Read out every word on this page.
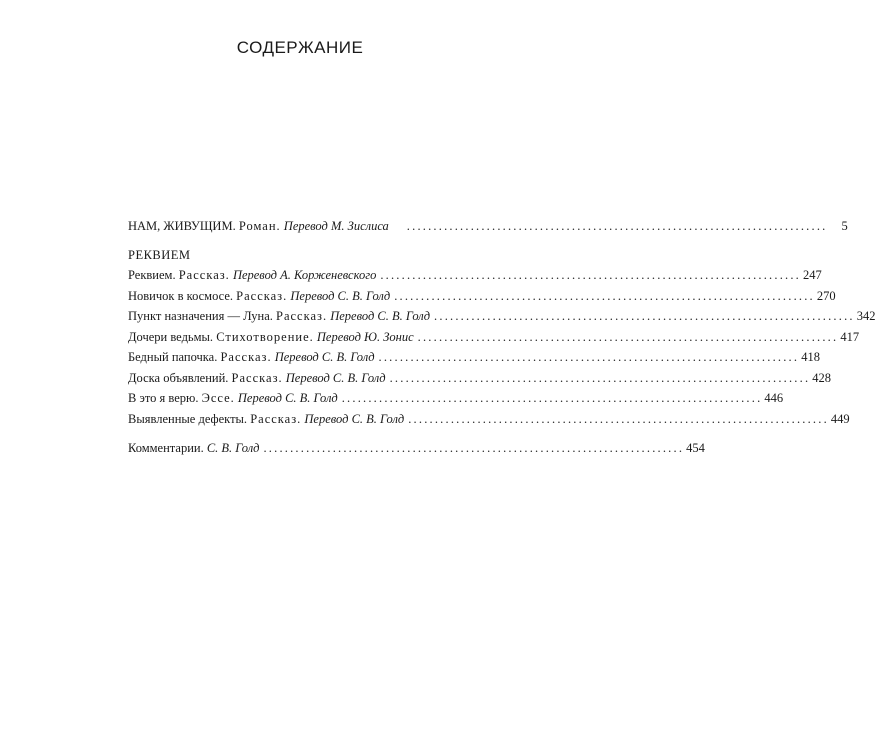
СОДЕРЖАНИЕ
НАМ, ЖИВУЩИМ. Роман. Перевод М. Зислиса ............................................................................... 5
РЕКВИЕМ
Реквием. Рассказ. Перевод А. Корженевского ............................................................................... 247
Новичок в космосе. Рассказ. Перевод С. В. Голд ............................................................................... 270
Пункт назначения — Луна. Рассказ. Перевод С. В. Голд ............................................................................... 342
Дочери ведьмы. Стихотворение. Перевод Ю. Зонис ............................................................................... 417
Бедный папочка. Рассказ. Перевод С. В. Голд ............................................................................... 418
Доска объявлений. Рассказ. Перевод С. В. Голд ............................................................................... 428
В это я верю. Эссе. Перевод С. В. Голд ............................................................................... 446
Выявленные дефекты. Рассказ. Перевод С. В. Голд ............................................................................... 449
Комментарии. С. В. Голд ............................................................................... 454
